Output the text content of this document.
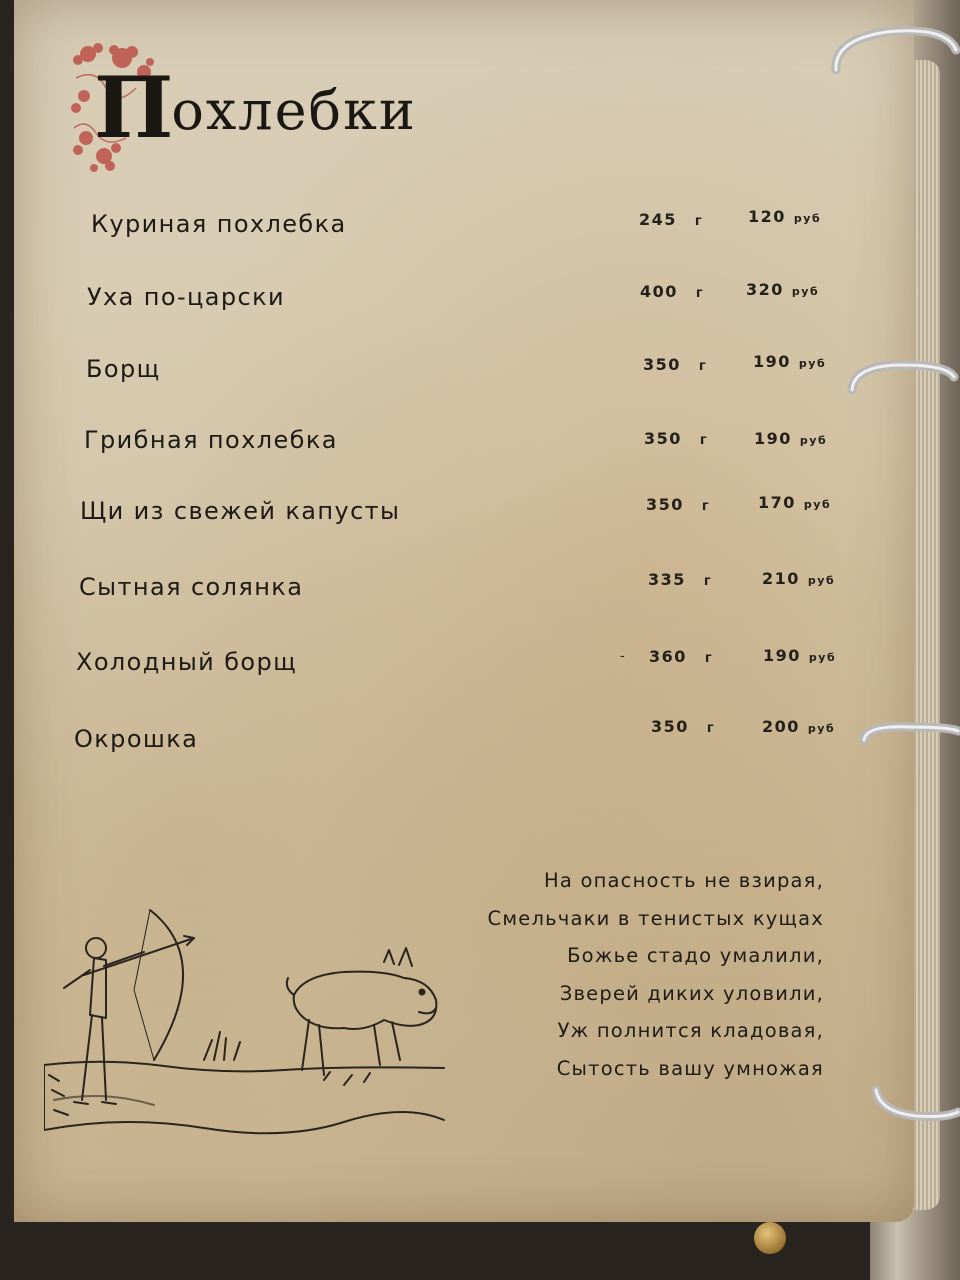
Похлебки
Куриная похлебка	245 г	120 руб
Уха по-царски	400 г	320 руб
Борщ	350 г	190 руб
Грибная похлебка	350 г	190 руб
Щи из свежей капусты	350 г	170 руб
Сытная солянка	335 г	210 руб
Холодный борщ	- 360 г	190 руб
Окрошка	350 г	200 руб
На опасность не взирая,
Смельчаки в тенистых кущах
Божье стадо умалили,
Зверей диких уловили,
Уж полнится кладовая,
Сытость вашу умножая
